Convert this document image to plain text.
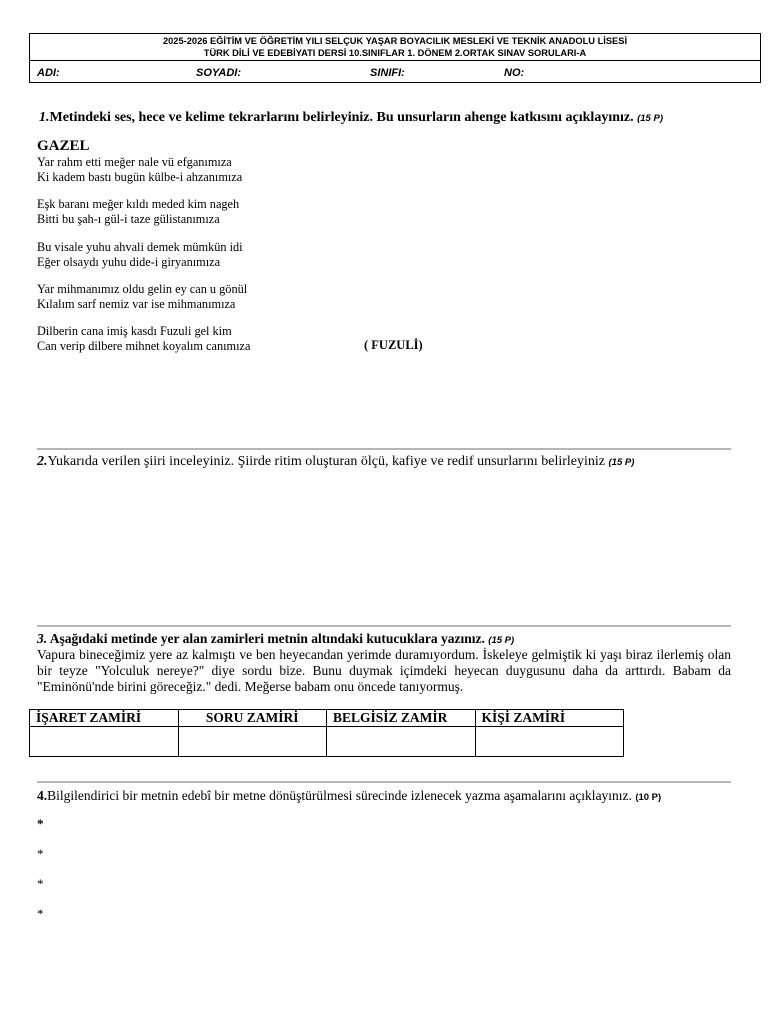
2025-2026 EĞİTİM VE ÖĞRETİM YILI SELÇUK YAŞAR BOYACILIK MESLEKİ VE TEKNİK ANADOLU LİSESİ
TÜRK DİLİ VE EDEBİYATI DERSİ 10.SINIFLAR 1. DÖNEM 2.ORTAK SINAV SORULARI-A
ADI:	SOYADI:	SINIFI:	NO:
1.Metindeki ses, hece ve kelime tekrarlarını belirleyiniz. Bu unsurların ahenge katkısını açıklayınız. (15 P)
GAZEL
Yar rahm etti meğer nale vü efganımıza
Ki kadem bastı bugün külbe-i ahzanımıza
Eşk baranı meğer kıldı meded kim nageh
Bitti bu şah-ı gül-i taze gülistanımıza
Bu visale yuhu ahvali demek mümkün idi
Eğer olsaydı yuhu dide-i giryanımıza
Yar mihmanımız oldu gelin ey can u gönül
Kılalım sarf nemiz var ise mihmanımıza
Dilberin cana imiş kasdı Fuzuli gel kim
Can verip dilbere mihnet koyalım canımıza	( FUZULİ)
2.Yukarıda verilen şiiri inceleyiniz. Şiirde ritim oluşturan ölçü, kafiye ve redif unsurlarını belirleyiniz (15 P)
3. Aşağıdaki metinde yer alan zamirleri metnin altındaki kutucuklara yazınız. (15 P)
Vapura bineceğimiz yere az kalmıştı ve ben heyecandan yerimde duramıyordum. İskeleye gelmiştik ki yaşı biraz ilerlemiş olan bir teyze "Yolculuk nereye?" diye sordu bize. Bunu duymak içimdeki heyecan duygusunu daha da arttırdı. Babam da "Eminönü'nde birini göreceğiz." dedi. Meğerse babam onu öncede tanıyormuş.
İŞARET ZAMİRİ	SORU ZAMİRİ	BELGİSİZ ZAMİR	KİŞİ ZAMİRİ

4.Bilgilendirici bir metnin edebî bir metne dönüştürülmesi sürecinde izlenecek yazma aşamalarını açıklayınız. (10 P)
*
*
*
*
